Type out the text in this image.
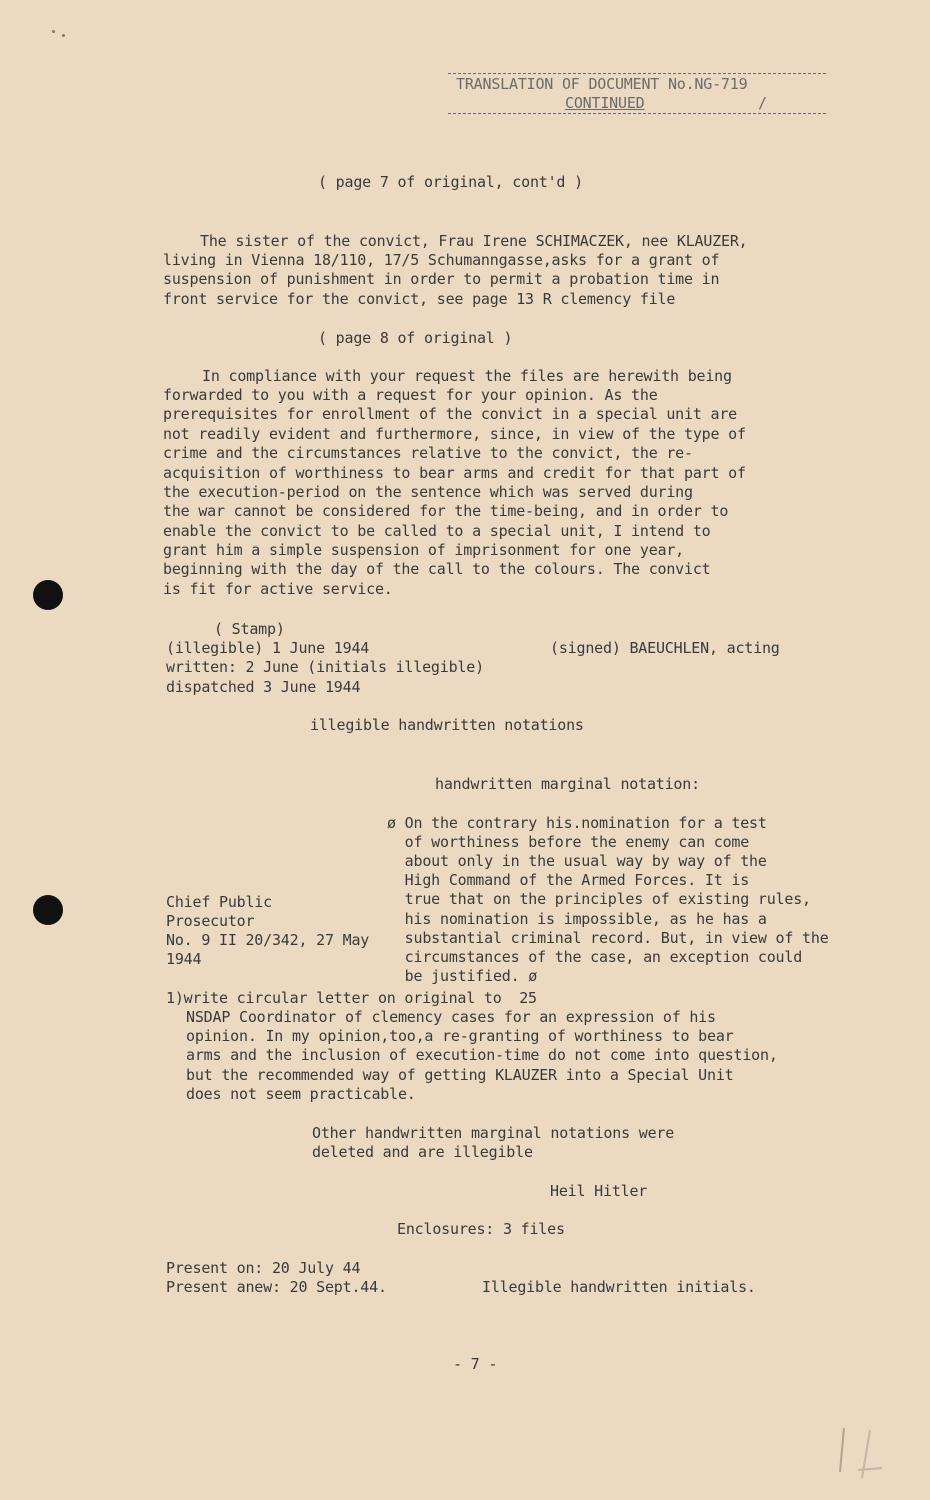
TRANSLATION OF DOCUMENT No.NG-719
CONTINUED	/
( page 7 of original, cont'd )
The sister of the convict, Frau Irene SCHIMACZEK, nee KLAUZER,
living in Vienna 18/110, 17/5 Schumanngasse,asks for a grant of
suspension of punishment in order to permit a probation time in
front service for the convict, see page 13 R clemency file
( page 8 of original )
In compliance with your request the files are herewith being
forwarded to you with a request for your opinion. As the
prerequisites for enrollment of the convict in a special unit are
not readily evident and furthermore, since, in view of the type of
crime and the circumstances relative to the convict, the re-
acquisition of worthiness to bear arms and credit for that part of
the execution-period on the sentence which was served during
the war cannot be considered for the time-being, and in order to
enable the convict to be called to a special unit, I intend to
grant him a simple suspension of imprisonment for one year,
beginning with the day of the call to the colours. The convict
is fit for active service.
( Stamp)
(illegible) 1 June 1944
written: 2 June (initials illegible)
dispatched 3 June 1944
(signed) BAEUCHLEN, acting
illegible handwritten notations
handwritten marginal notation:
ø On the contrary his.nomination for a test
of worthiness before the enemy can come
about only in the usual way by way of the
High Command of the Armed Forces. It is
true that on the principles of existing rules,
his nomination is impossible, as he has a
substantial criminal record. But, in view of the
circumstances of the case, an exception could
be justified. ø
Chief Public
Prosecutor
No. 9 II 20/342, 27 May
1944
1)write circular letter on original to  25
NSDAP Coordinator of clemency cases for an expression of his
opinion. In my opinion,too,a re-granting of worthiness to bear
arms and the inclusion of execution-time do not come into question,
but the recommended way of getting KLAUZER into a Special Unit
does not seem practicable.
Other handwritten marginal notations were
deleted and are illegible
Heil Hitler
Enclosures: 3 files
Present on: 20 July 44
Present anew: 20 Sept.44.	Illegible handwritten initials.
- 7 -
